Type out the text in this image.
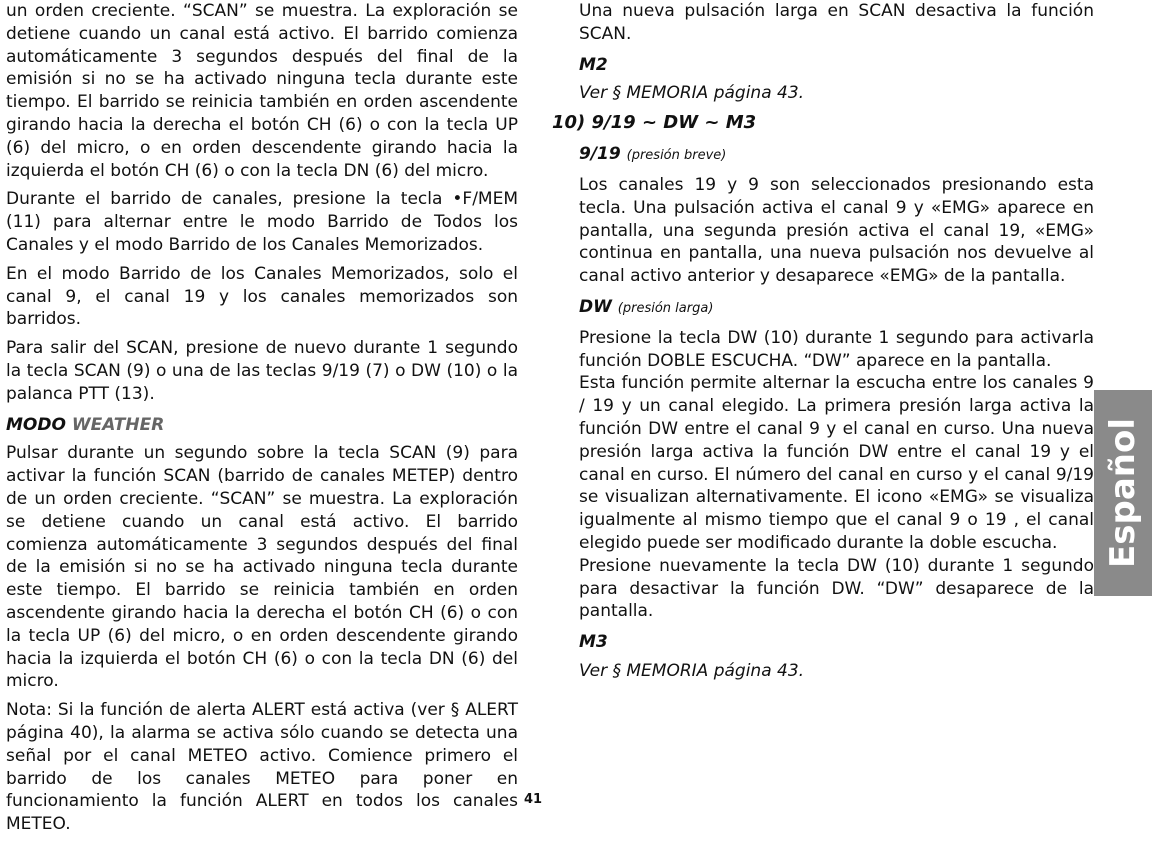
un orden creciente. “SCAN” se muestra. La exploración se detiene cuando un canal está activo. El barrido comienza automáticamente 3 segundos después del final de la emisión si no se ha activado ninguna tecla durante este tiempo. El barrido se reinicia también en orden ascendente girando hacia la derecha el botón CH (6) o con la tecla UP (6) del micro, o en orden descendente girando hacia la izquierda el botón CH (6) o con la tecla DN (6) del micro.

Durante el barrido de canales, presione la tecla •F/MEM (11) para alternar entre le modo Barrido de Todos los Canales y el modo Barrido de los Canales Memorizados.

En el modo Barrido de los Canales Memorizados, solo el canal 9, el canal 19 y los canales memorizados son barridos.

Para salir del SCAN, presione de nuevo durante 1 segundo la tecla SCAN (9) o una de las teclas 9/19 (7) o DW (10) o la palanca PTT (13).

MODO WEATHER

Pulsar durante un segundo sobre la tecla SCAN (9) para activar la función SCAN (barrido de canales METEP) dentro de un orden creciente. “SCAN” se muestra. La exploración se detiene cuando un canal está activo. El barrido comienza automáticamente 3 segundos después del final de la emisión si no se ha activado ninguna tecla durante este tiempo. El barrido se reinicia también en orden ascendente girando hacia la derecha el botón CH (6) o con la tecla UP (6) del micro, o en orden descendente girando hacia la izquierda el botón CH (6) o con la tecla DN (6) del micro.

Nota: Si la función de alerta ALERT está activa (ver § ALERT página 40), la alarma se activa sólo cuando se detecta una señal por el canal METEO activo. Comience primero el barrido de los canales METEO para poner en funcionamiento la función ALERT en todos los canales METEO.

Una nueva pulsación larga en SCAN desactiva la función SCAN.

M2

Ver § MEMORIA página 43.

10) 9/19 ~ DW ~ M3
9/19 (presión breve)

Los canales 19 y 9 son seleccionados presionando esta tecla. Una pulsación activa el canal 9 y «EMG» aparece en pantalla, una segunda presión activa el canal 19, «EMG» continua en pantalla, una nueva pulsación nos devuelve al canal activo anterior y desaparece «EMG» de la pantalla.

DW (presión larga)

Presione la tecla DW (10) durante 1 segundo para activarla función DOBLE ESCUCHA. “DW” aparece en la pantalla.

Esta función permite alternar la escucha entre los canales 9 / 19 y un canal elegido. La primera presión larga activa la función DW entre el canal 9 y el canal en curso. Una nueva presión larga activa la función DW entre el canal 19 y el canal en curso. El número del canal en curso y el canal 9/19 se visualizan alternativamente. El icono «EMG» se visualiza igualmente al mismo tiempo que el canal 9 o 19 , el canal elegido puede ser modificado durante la doble escucha.

Presione nuevamente la tecla DW (10) durante 1 segundo para desactivar la función DW. “DW” desaparece de la pantalla.

M3

Ver § MEMORIA página 43.

Español
41
